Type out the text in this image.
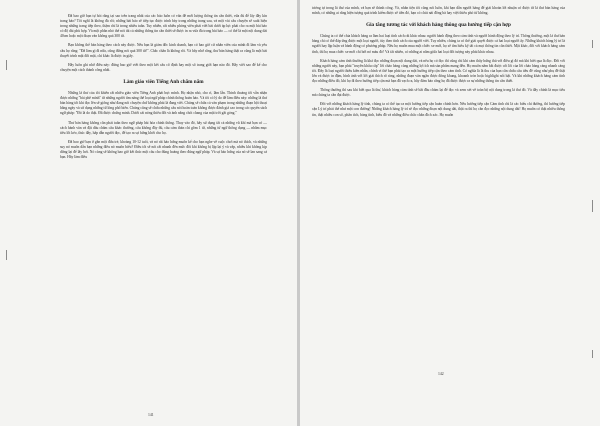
Đã bao giờ bạn tự hỏi rằng tại sao trên trang nhất của các báo luôn có vấn đề mới lượng thông tin cần thiết, vừa đủ để lấy đầy kín trang báo? Tôi nghĩ là không đủ rồi; những bài báo sẽ tiếp tục được trình bày trong những trang sau, và một vài câu chuyện sẽ xuất hiện trong những trang tiếp theo, thậm chí là trong nhiều tuần. Tuy nhiên, rất nhiều phóng viên phải viết bài dưới áp lực phải cho ra một bài báo có độ dài phù hợp. Và một phần nhỏ thể nói tất cả những thông tin cần thiết sẽ được in ra vừa đủ trong bài báo — có thể là một nội dung dài 40cm hoặc một đoạn văn không quá 300 từ.

Bạn không thể bán hàng theo cách này được. Nếu bạn là giám đốc kinh doanh, bạn có bao giờ cử nhân viên của mình đi làm và yêu cầu họ rằng: "Đã làm gì đi nữa, cũng đừng nói quá 300 từ!". Chắc chắn là không rồi. Và hãy nhớ rằng, thư bán hàng thật ra cũng là một bài thuyết trình mặt đối mặt, chỉ khác là được in giấy.

Hãy luôn ghi nhớ điều này: đừng bao giờ viết theo một kết cấu cố định hay một số trang giới hạn nào đó. Hãy viết sao để kể cho chuyện một cách thành công nhất.

Làm giáo viên Tiếng Anh chăm năm

Những lá thư của tôi khiến rất nhiều giáo viên Tiếng Anh phát bực mình. Họ nhận nhỏ, cho rì, lầm lẫn. Thỉnh thoảng tôi vẫn nhận được những "bài phê mình" từ những người tìm năng thế loại ngữ pháp chính thống hoàn hảo. Và tôi có lý do để làm điều này: những lá thư bán hàng tốt khi đọc lên sẽ giống như đang nói chuyện chứ không phải là đang viết. Chúng sẽ chứa cả văn phạm trong những đoạn hội thoại hằng ngày và sử dụng những từ lóng phổ biến. Chúng cũng sẽ chứa những câu nói hoàn toàn không được đánh giá cao trong các quyển sách ngữ pháp: "Đó là do thật. Đã được chứng minh. Dưới cái nóng thiêu đốt và ánh nắng chói chang của mặt trời gắt gỏng."

Thư bán hàng không cần phải tuân theo ngữ pháp hài hòa chỉnh thống. Thay vào đó, hãy sử dụng tất cả những vũ khí mà bạn có — cách hành văn và đặt dấu chấm câu khác thường, cấu không đầy đủ, câu cảm thán chỉ gồm 1 từ, những từ ngữ thông dụng — nhằm mục tiêu lôi kéo, thúc đẩy, hấp dẫn người đọc, để tạo ra sự hứng khởi cho họ.

Đã bao giờ bạn ở gần một đứa trẻ, khoảng 10-12 tuổi, và nó rất háo hứng muốn kể cho bạn nghe về cuộc chơi mà nó thích, và những suy nó muốn dẫn bạn những điều nó muốn biểu? Điều tôi sẽ nói rất nhanh đến mức đôi khi không bị lặp lại ý và vấp, nhiều khi không kịp dừng lại để lấy hơi. Nó cùng sẽ không bao giờ kết thúc một câu cho đúng hoàng theo đúng ngữ pháp. Và sự háo hứng của nó sẽ lan sang cả bạn. Hãy làm điều

141

tương tự trong lá thư của mình, và bạn sẽ thành công. Và, nhân tiện tôi cũng nói luôn, khi bạn dẫn người hăng để giải khoán lời nhuận có được từ lá thư bán hàng của mình, có những ai rằng hiện tượng quá trình kiểm được sẽ tiền đó, bạn có chút nài đồng bà hay việt thiếu phò từ không.

Gia tăng tương tác với khách hàng thông qua hướng tiếp cận hợp

Chúng ta có thể chia khách hàng ra làm hai loại tính cách rất khác nhau: người hành động theo cảm tính và người hành động theo lý trí. Thông thường, một lá thư bán hàng chỉ có thể đáp ứng được một loại người, tùy theo tính cách của người viết. Tuy nhiên, chúng ta có thể giải quyết được cả hai loại người ấy. Những khách hàng lý trí là người hay lập luận và hành động có phương pháp. Nếu họ muốn mua một chiếc xe mới, họ sẽ tìm hiểu kỹ tất cả mọi thông tin cần thiết. Mặt khác, đối với khách hàng cảm tính, thì họ mua chiếc xe mới chỉ bởi nó màu đỏ! Và tất nhiên, có những ai nằm giữa hai loại đối tượng này phải khác nhau.

Khách hàng cảm tính thường là khá đọc những đoạn nội dung dài, và nếu họ có đọc thì cũng chỉ khi cảm thấy hứng thú với điều gì đó mà khi biết qua là đọc. Đối với những người này, bạn phải "truyền khẩu cấp" lời chào hàng cùng những lợi ích mà sản phẩm mang đến. Họ muốn nắm bắt được cốt lõi của lời chào hàng càng nhanh càng tốt. Đây là loại người thiếu kiên nhẫn, chính vì thế bạn phải tạo ra một hướng tiếp cận theo cảm tính. Có nghĩa là là thu của bạn cần chứa câu tiêu đề cũng như phụ đề thật lớn và được in đậm, hình ảnh với lời giải thích rõ ràng, những đoạn văn ngắn được đóng khung, khoanh tròn hoặc highlight nổi bật. Và khi những khách hàng cảm tính đọc những điều đó, khi họ đi theo hướng tiếp cận mà bạn đã vạch ra, hãy đảm bảo rằng họ đã được được ra sự những thông tin cần thiết.

Thông thường thì sau khi biết qua lá thư, khách hàng cảm tính sẽ bắt đầu chăm lại để đọc và xem xét về toàn bộ nội dung trong lá thư đó. Và đây chính là mục tiêu mà chúng ta cần đạt được.

Đối với những khách hàng lý tính, chúng ta có thể tạo ra một hướng tiếp cận hoàn chỉnh hơn. Nếu hướng tiếp cận Cảm tính chỉ là các biểu chỉ đường, thì hướng tiếp cận Lý trí phải thể như một con đường! Những khách hàng lý trí sẽ đọc những đoạn nội dung dài, thật ra thì họ cần đọc những nội dung dài! Họ muốn có thật nhiều thông tin, thật nhiều con số, phân tích, bảng tính, biểu đồ và những điều chắc chắn đích xác. Họ muốn

142
